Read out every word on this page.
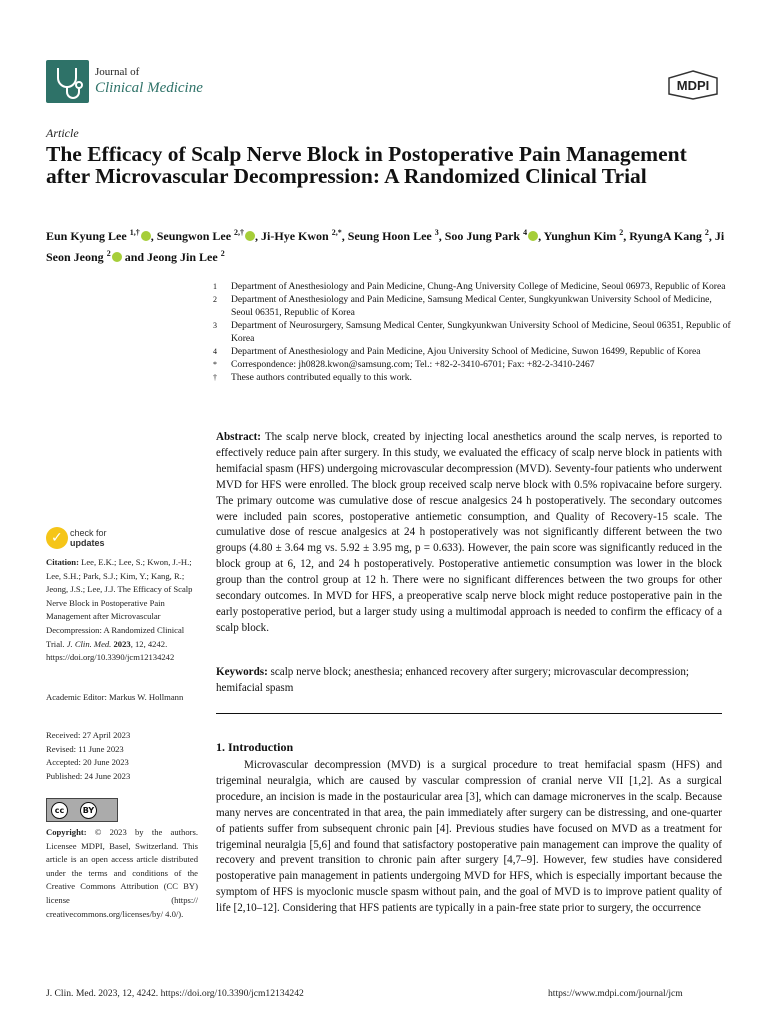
Journal of
Clinical Medicine	MDPI
Article
The Efficacy of Scalp Nerve Block in Postoperative Pain Management after Microvascular Decompression: A Randomized Clinical Trial
Eun Kyung Lee $^{1,\dagger}$ , Seungwon Lee $^{2,\dagger}$ , Ji-Hye Kwon $^{2,*}$, Seung Hoon Lee $^3$, Soo Jung Park $^4$ , Yunghun Kim $^2$, RyungA Kang $^2$, Ji Seon Jeong $^2$ and Jeong Jin Lee $^2$
1	Department of Anesthesiology and Pain Medicine, Chung-Ang University College of Medicine, Seoul 06973, Republic of Korea
2	Department of Anesthesiology and Pain Medicine, Samsung Medical Center, Sungkyunkwan University School of Medicine, Seoul 06351, Republic of Korea
3	Department of Neurosurgery, Samsung Medical Center, Sungkyunkwan University School of Medicine, Seoul 06351, Republic of Korea
4	Department of Anesthesiology and Pain Medicine, Ajou University School of Medicine, Suwon 16499, Republic of Korea
*	Correspondence: jh0828.kwon@samsung.com; Tel.: +82-2-3410-6701; Fax: +82-2-3410-2467
†	These authors contributed equally to this work.
Abstract: The scalp nerve block, created by injecting local anesthetics around the scalp nerves, is reported to effectively reduce pain after surgery. In this study, we evaluated the efficacy of scalp nerve block in patients with hemifacial spasm (HFS) undergoing microvascular decompression (MVD). Seventy-four patients who underwent MVD for HFS were enrolled. The block group received scalp nerve block with 0.5% ropivacaine before surgery. The primary outcome was cumulative dose of rescue analgesics 24 h postoperatively. The secondary outcomes were included pain scores, postoperative antiemetic consumption, and Quality of Recovery-15 scale. The cumulative dose of rescue analgesics at 24 h postoperatively was not significantly different between the two groups (4.80 ± 3.64 mg vs. 5.92 ± 3.95 mg, p = 0.633). However, the pain score was significantly reduced in the block group at 6, 12, and 24 h postoperatively. Postoperative antiemetic consumption was lower in the block group than the control group at 12 h. There were no significant differences between the two groups for other secondary outcomes. In MVD for HFS, a preoperative scalp nerve block might reduce postoperative pain in the early postoperative period, but a larger study using a multimodal approach is needed to confirm the efficacy of a scalp block.
Keywords: scalp nerve block; anesthesia; enhanced recovery after surgery; microvascular decompression; hemifacial spasm
✓ check for
updates
Citation: Lee, E.K.; Lee, S.; Kwon, J.-H.; Lee, S.H.; Park, S.J.; Kim, Y.; Kang, R.; Jeong, J.S.; Lee, J.J. The Efficacy of Scalp Nerve Block in Postoperative Pain Management after Microvascular Decompression: A Randomized Clinical Trial. J. Clin. Med. 2023, 12, 4242. https://doi.org/10.3390/jcm12134242
Academic Editor: Markus W. Hollmann
Received: 27 April 2023
Revised: 11 June 2023
Accepted: 20 June 2023
Published: 24 June 2023
cc	BY
Copyright: © 2023 by the authors. Licensee MDPI, Basel, Switzerland. This article is an open access article distributed under the terms and conditions of the Creative Commons Attribution (CC BY) license (https:// creativecommons.org/licenses/by/ 4.0/).
1. Introduction
Microvascular decompression (MVD) is a surgical procedure to treat hemifacial spasm (HFS) and trigeminal neuralgia, which are caused by vascular compression of cranial nerve VII [1,2]. As a surgical procedure, an incision is made in the postauricular area [3], which can damage micronerves in the scalp. Because many nerves are concentrated in that area, the pain immediately after surgery can be distressing, and one-quarter of patients suffer from subsequent chronic pain [4]. Previous studies have focused on MVD as a treatment for trigeminal neuralgia [5,6] and found that satisfactory postoperative pain management can improve the quality of recovery and prevent transition to chronic pain after surgery [4,7–9]. However, few studies have considered postoperative pain management in patients undergoing MVD for HFS, which is especially important because the symptom of HFS is myoclonic muscle spasm without pain, and the goal of MVD is to improve patient quality of life [2,10–12]. Considering that HFS patients are typically in a pain-free state prior to surgery, the occurrence
J. Clin. Med. 2023, 12, 4242. https://doi.org/10.3390/jcm12134242	https://www.mdpi.com/journal/jcm
